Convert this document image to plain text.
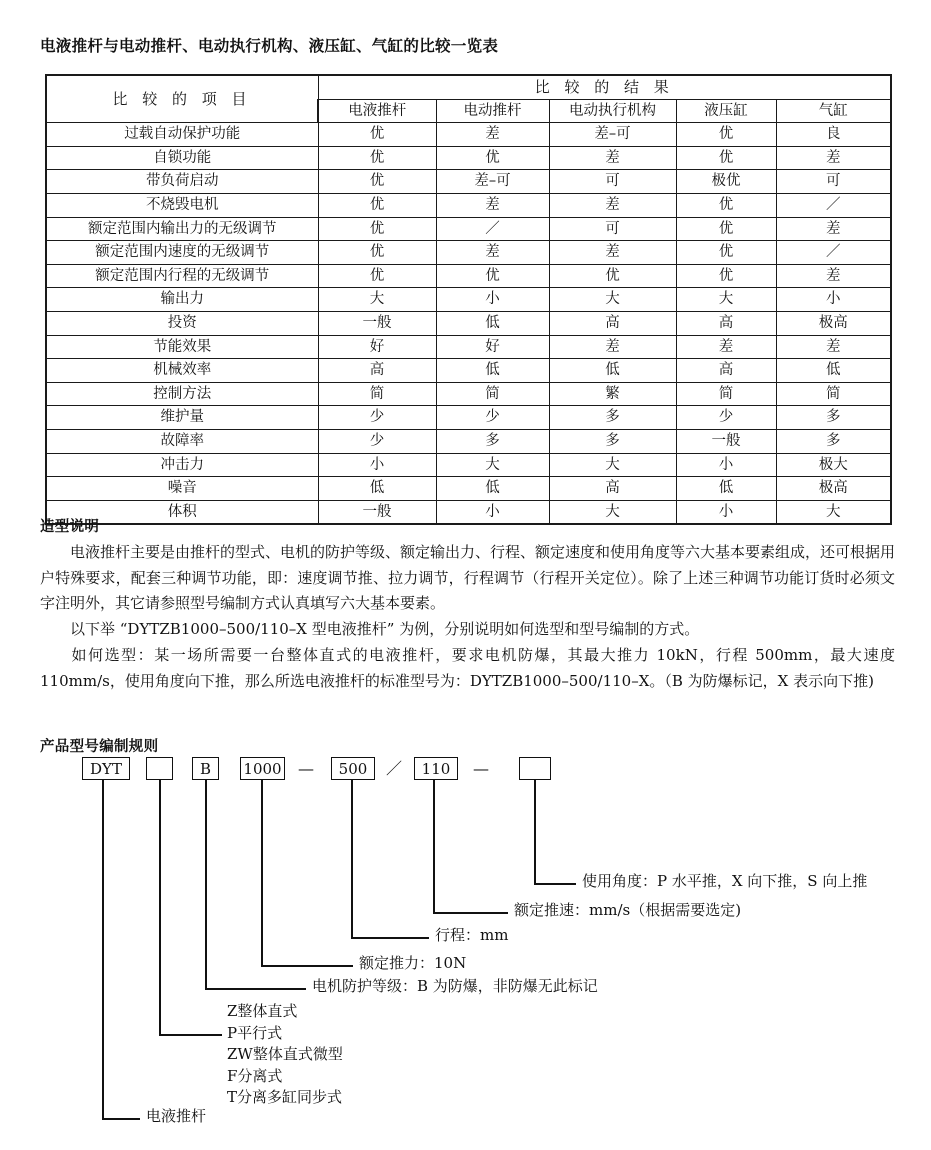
电液推杆与电动推杆、电动执行机构、液压缸、气缸的比较一览表
比 较 的 项 目	比 较 的 结 果				
	电液推杆	电动推杆	电动执行机构	液压缸	气缸
过载自动保护功能	优	差	差–可	优	良
自锁功能	优	优	差	优	差
带负荷启动	优	差–可	可	极优	可
不烧毁电机	优	差	差	优	／
额定范围内输出力的无级调节	优	／	可	优	差
额定范围内速度的无级调节	优	差	差	优	／
额定范围内行程的无级调节	优	优	优	优	差
输出力	大	小	大	大	小
投资	一般	低	高	高	极高
节能效果	好	好	差	差	差
机械效率	高	低	低	高	低
控制方法	简	简	繁	简	简
维护量	少	少	多	少	多
故障率	少	多	多	一般	多
冲击力	小	大	大	小	极大
噪音	低	低	高	低	极高
体积	一般	小	大	小	大
造型说明
电液推杆主要是由推杆的型式、电机的防护等级、额定输出力、行程、额定速度和使用角度等六大基本要素组成，还可根据用户特殊要求，配套三种调节功能，即：速度调节推、拉力调节，行程调节（行程开关定位）。除了上述三种调节功能订货时必须文字注明外，其它请参照型号编制方式认真填写六大基本要素。
以下举 “DYTZB1000–500/110–X 型电液推杆” 为例，分别说明如何选型和型号编制的方式。
如何选型：某一场所需要一台整体直式的电液推杆，要求电机防爆，其最大推力 10kN，行程 500mm，最大速度 110mm/s，使用角度向下推，那么所选电液推杆的标准型号为：DYTZB1000–500/110–X。（B 为防爆标记，X 表示向下推)
产品型号编制规则
DYT	B	1000	—	500	／	110	—
使用角度：P 水平推，X 向下推，S 向上推
额定推速：mm/s（根据需要选定)
行程：mm
额定推力：10N
电机防护等级：B 为防爆，非防爆无此标记
Z整体直式
P平行式
ZW整体直式微型
F分离式
T分离多缸同步式
电液推杆
